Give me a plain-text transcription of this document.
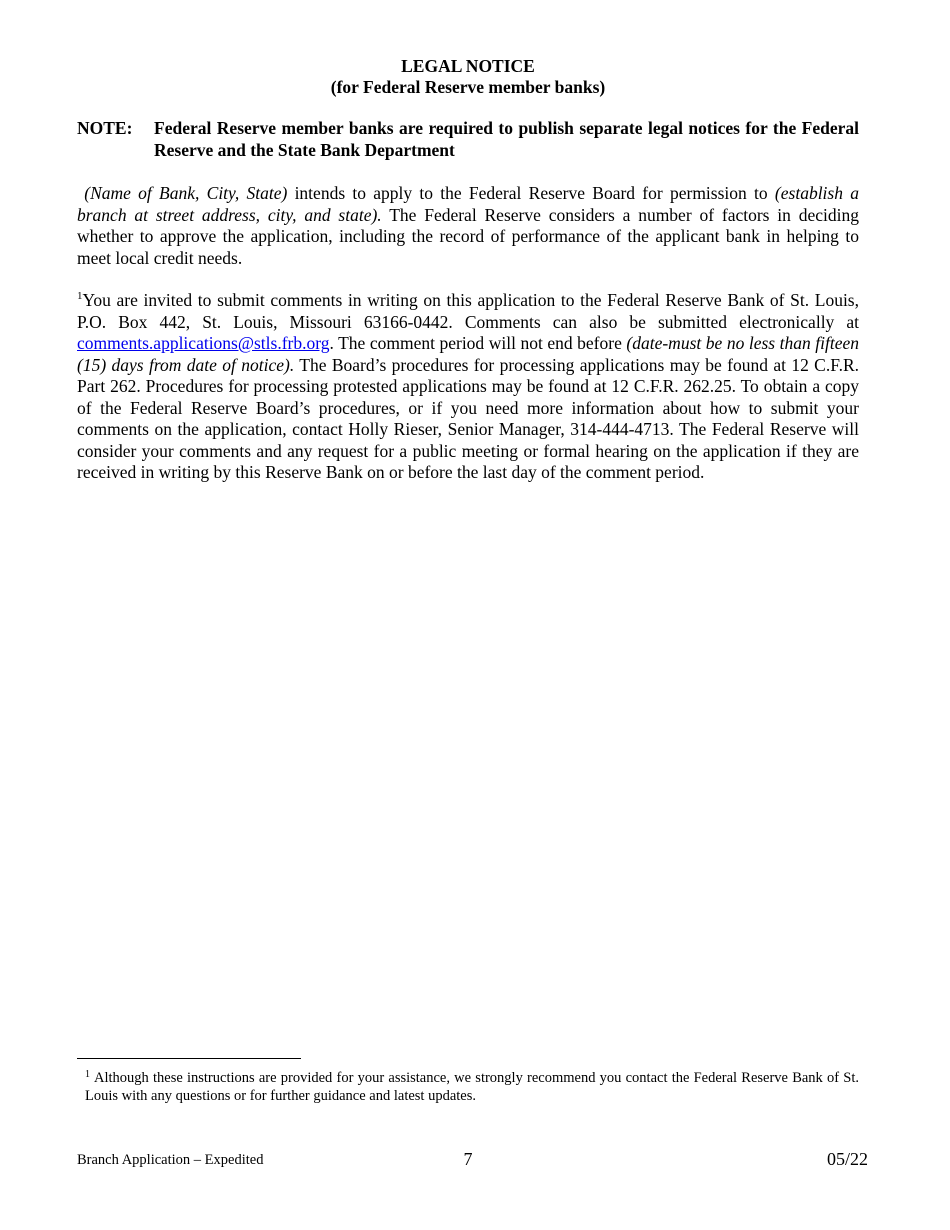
LEGAL NOTICE
(for Federal Reserve member banks)
NOTE:	Federal Reserve member banks are required to publish separate legal notices for the Federal Reserve and the State Bank Department
(Name of Bank, City, State) intends to apply to the Federal Reserve Board for permission to (establish a branch at street address, city, and state). The Federal Reserve considers a number of factors in deciding whether to approve the application, including the record of performance of the applicant bank in helping to meet local credit needs.
$^1$You are invited to submit comments in writing on this application to the Federal Reserve Bank of St. Louis, P.O. Box 442, St. Louis, Missouri 63166-0442. Comments can also be submitted electronically at comments.applications@stls.frb.org. The comment period will not end before (date-must be no less than fifteen (15) days from date of notice). The Board’s procedures for processing applications may be found at 12 C.F.R. Part 262. Procedures for processing protested applications may be found at 12 C.F.R. 262.25. To obtain a copy of the Federal Reserve Board’s procedures, or if you need more information about how to submit your comments on the application, contact Holly Rieser, Senior Manager, 314-444-4713. The Federal Reserve will consider your comments and any request for a public meeting or formal hearing on the application if they are received in writing by this Reserve Bank on or before the last day of the comment period.
$^1$ Although these instructions are provided for your assistance, we strongly recommend you contact the Federal Reserve Bank of St. Louis with any questions or for further guidance and latest updates.
Branch Application – Expedited	7	05/22
